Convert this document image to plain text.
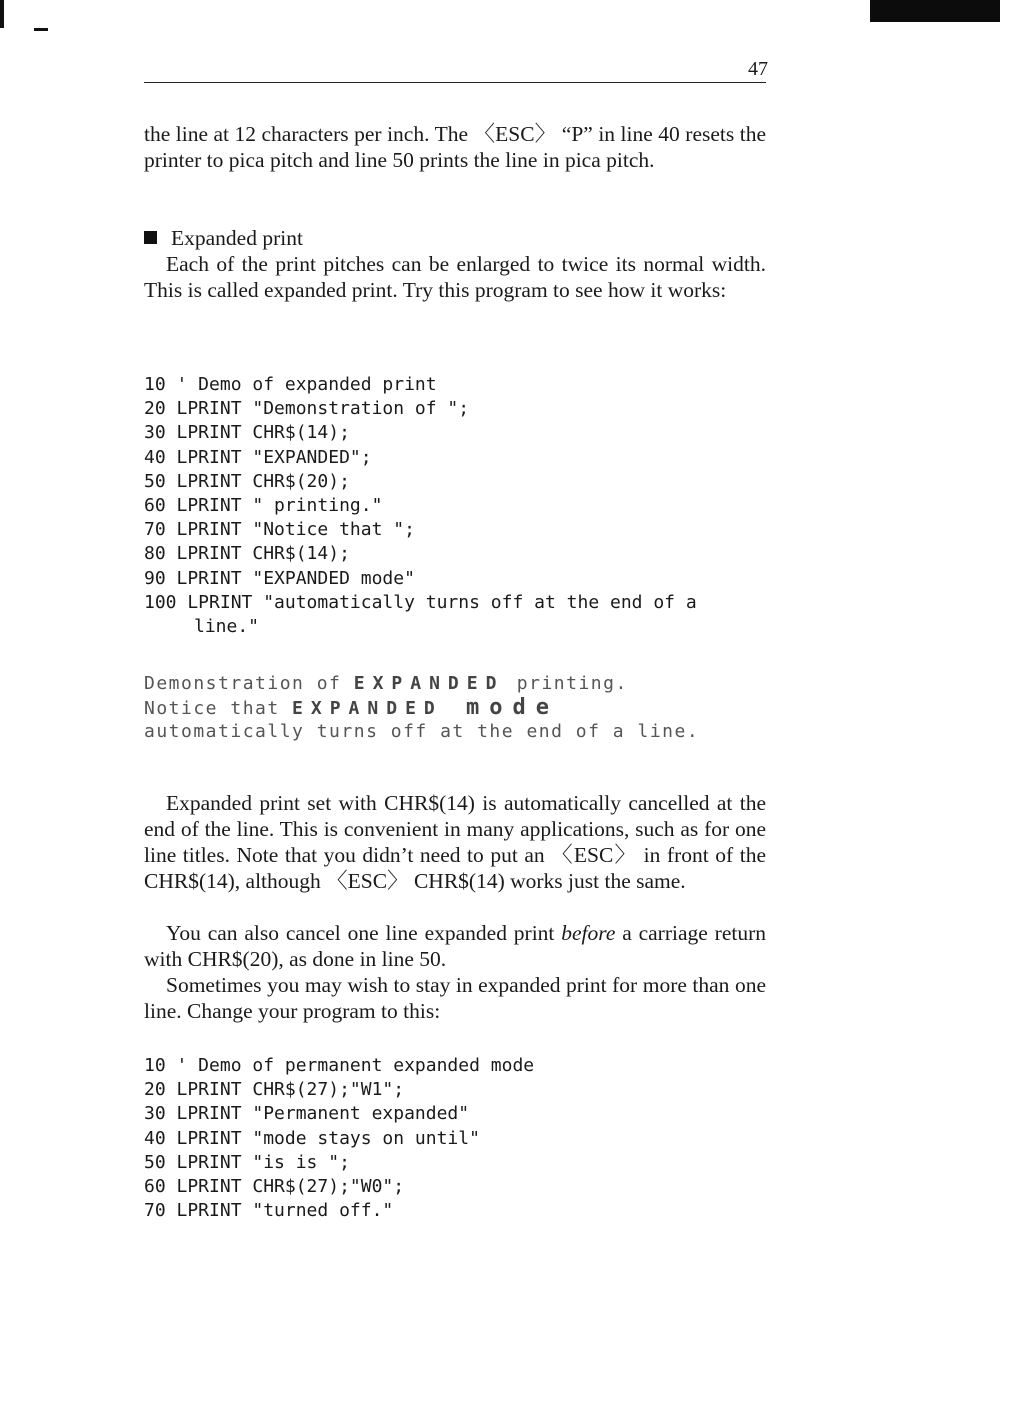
47

the line at 12 characters per inch. The 〈ESC〉 “P” in line 40 resets the printer to pica pitch and line 50 prints the line in pica pitch.

Expanded print

Each of the print pitches can be enlarged to twice its normal width. This is called expanded print. Try this program to see how it works:

10 ' Demo of expanded print
20 LPRINT "Demonstration of ";
30 LPRINT CHR$(14);
40 LPRINT "EXPANDED";
50 LPRINT CHR$(20);
60 LPRINT " printing."
70 LPRINT "Notice that ";
80 LPRINT CHR$(14);
90 LPRINT "EXPANDED mode"
100 LPRINT "automatically turns off at the end of a
line."
Demonstration of EXPANDED printing.
Notice that EXPANDED mode
automatically turns off at the end of a line.

Expanded print set with CHR$(14) is automatically cancelled at the end of the line. This is convenient in many applications, such as for one line titles. Note that you didn’t need to put an 〈ESC〉 in front of the CHR$(14), although 〈ESC〉 CHR$(14) works just the same.

You can also cancel one line expanded print before a carriage return with CHR$(20), as done in line 50.

Sometimes you may wish to stay in expanded print for more than one line. Change your program to this:

10 ' Demo of permanent expanded mode
20 LPRINT CHR$(27);"W1";
30 LPRINT "Permanent expanded"
40 LPRINT "mode stays on until"
50 LPRINT "is is ";
60 LPRINT CHR$(27);"W0";
70 LPRINT "turned off."
